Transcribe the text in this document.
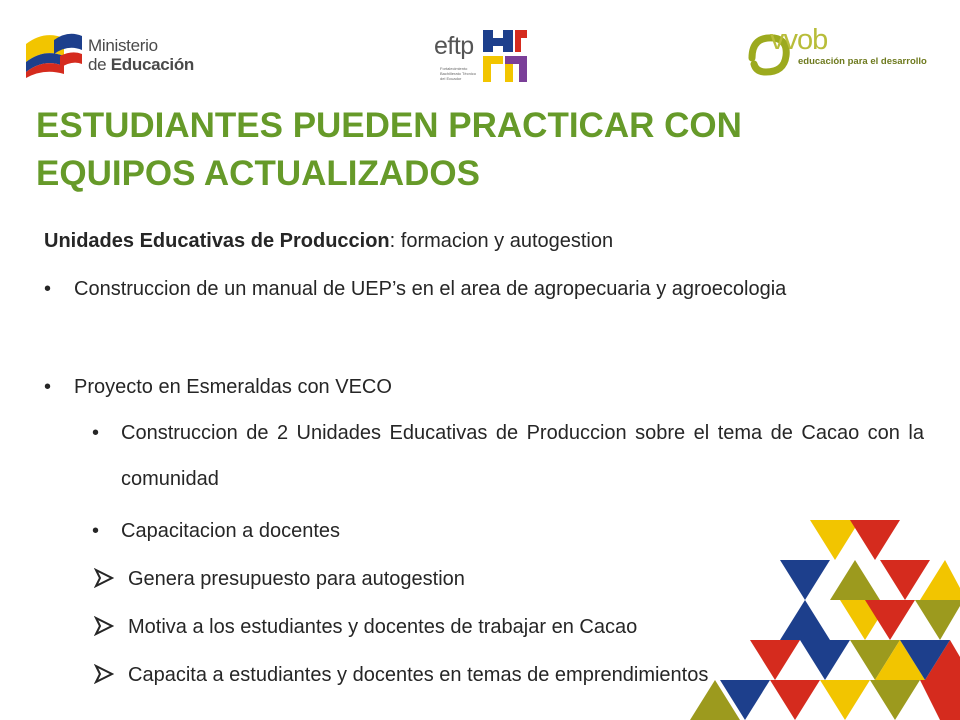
Ministerio
de Educación
eftp
Fortalecimiento Bachillerato Técnico del Ecuador
vvob
educación para el desarrollo
ESTUDIANTES PUEDEN PRACTICAR CON
EQUIPOS ACTUALIZADOS
Unidades Educativas de Produccion: formacion y autogestion
• Construccion de un manual de UEP’s en el area de agropecuaria y agroecologia
• Proyecto en Esmeraldas con VECO
• Construccion de 2 Unidades Educativas de Produccion sobre el tema de Cacao con la comunidad
• Capacitacion a docentes
Genera presupuesto para autogestion
Motiva a los estudiantes y docentes de trabajar en Cacao
Capacita a estudiantes y docentes en temas de emprendimientos
